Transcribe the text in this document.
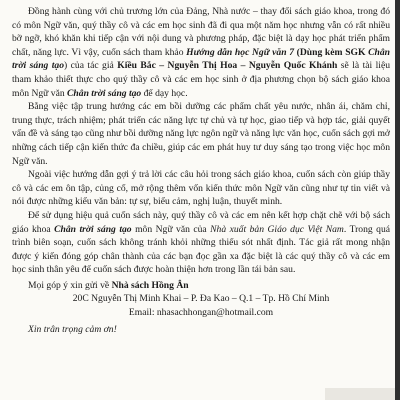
Đồng hành cùng với chủ trương lớn của Đảng, Nhà nước – thay đổi sách giáo khoa, trong đó có môn Ngữ văn, quý thầy cô và các em học sinh đã đi qua một năm học nhưng vẫn có rất nhiều bỡ ngỡ, khó khăn khi tiếp cận với nội dung và phương pháp, đặc biệt là dạy học phát triển phẩm chất, năng lực. Vì vậy, cuốn sách tham khảo Hướng dẫn học Ngữ văn 7 (Dùng kèm SGK Chân trời sáng tạo) của tác giả Kiều Bắc – Nguyễn Thị Hoa – Nguyễn Quốc Khánh sẽ là tài liệu tham khảo thiết thực cho quý thầy cô và các em học sinh ở địa phương chọn bộ sách giáo khoa môn Ngữ văn Chân trời sáng tạo để dạy học.

Bằng việc tập trung hướng các em bồi dưỡng các phẩm chất yêu nước, nhân ái, chăm chỉ, trung thực, trách nhiệm; phát triển các năng lực tự chủ và tự học, giao tiếp và hợp tác, giải quyết vấn đề và sáng tạo cũng như bồi dưỡng năng lực ngôn ngữ và năng lực văn học, cuốn sách gợi mở những cách tiếp cận kiến thức đa chiều, giúp các em phát huy tư duy sáng tạo trong việc học môn Ngữ văn.

Ngoài việc hướng dẫn gợi ý trả lời các câu hỏi trong sách giáo khoa, cuốn sách còn giúp thầy cô và các em ôn tập, củng cố, mở rộng thêm vốn kiến thức môn Ngữ văn cũng như tự tin viết và nói được những kiểu văn bản: tự sự, biểu cảm, nghị luận, thuyết minh.

Để sử dụng hiệu quả cuốn sách này, quý thầy cô và các em nên kết hợp chặt chẽ với bộ sách giáo khoa Chân trời sáng tạo môn Ngữ văn của Nhà xuất bản Giáo dục Việt Nam. Trong quá trình biên soạn, cuốn sách không tránh khỏi những thiếu sót nhất định. Tác giả rất mong nhận được ý kiến đóng góp chân thành của các bạn đọc gần xa đặc biệt là các quý thầy cô và các em học sinh thân yêu để cuốn sách được hoàn thiện hơn trong lần tái bản sau.

Mọi góp ý xin gửi về Nhà sách Hồng Ân

20C Nguyễn Thị Minh Khai – P. Đa Kao – Q.1 – Tp. Hồ Chí Minh
Email: nhasachhongan@hotmail.com

Xin trân trọng cảm ơn!
